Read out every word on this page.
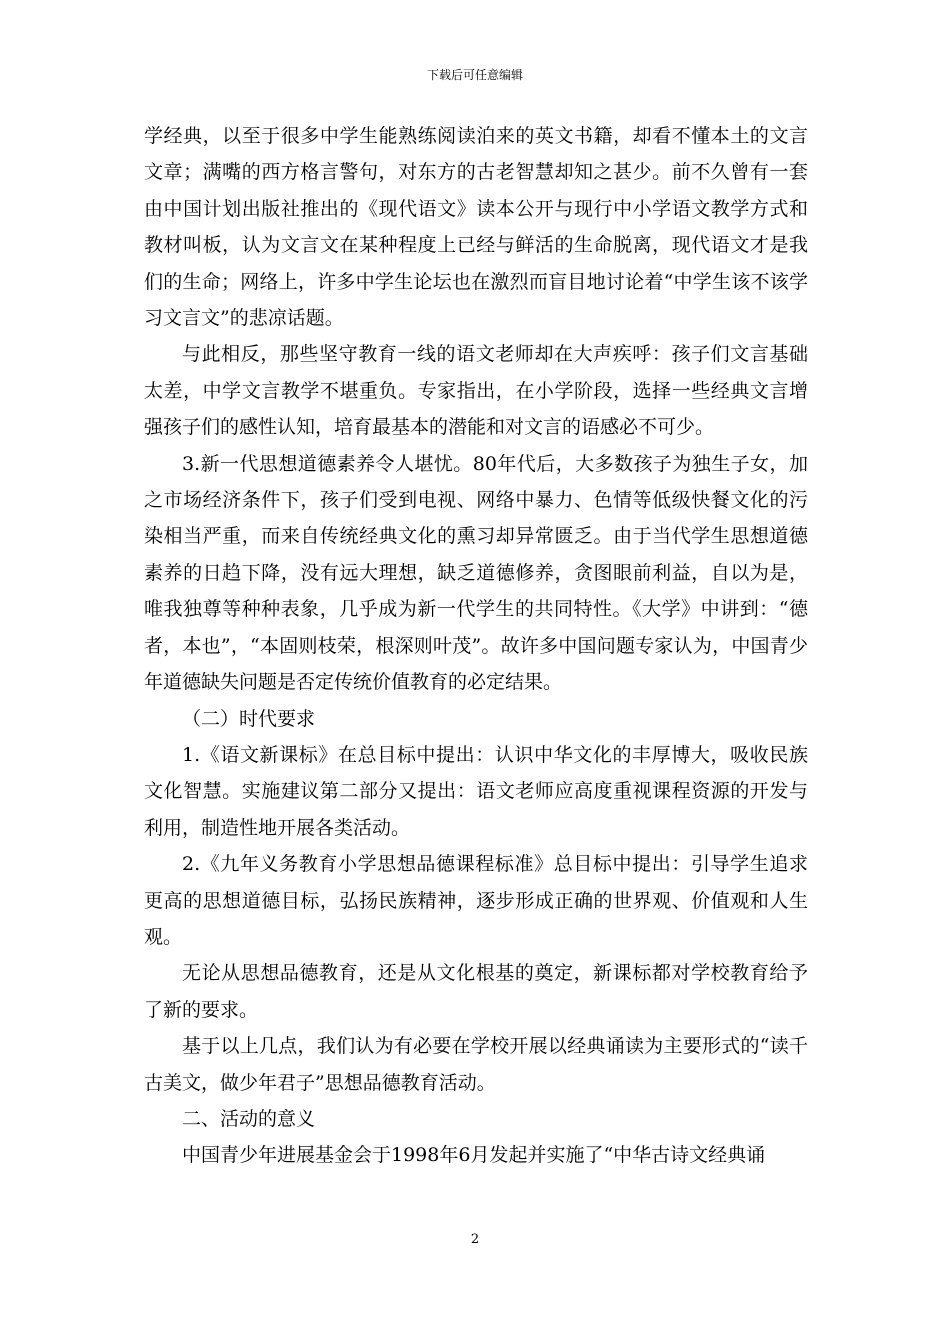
下载后可任意编辑

学经典，以至于很多中学生能熟练阅读泊来的英文书籍，却看不懂本土的文言文章；满嘴的西方格言警句，对东方的古老智慧却知之甚少。前不久曾有一套由中国计划出版社推出的《现代语文》读本公开与现行中小学语文教学方式和教材叫板，认为文言文在某种程度上已经与鲜活的生命脱离，现代语文才是我们的生命；网络上，许多中学生论坛也在激烈而盲目地讨论着“中学生该不该学习文言文”的悲凉话题。

与此相反，那些坚守教育一线的语文老师却在大声疾呼：孩子们文言基础太差，中学文言教学不堪重负。专家指出，在小学阶段，选择一些经典文言增强孩子们的感性认知，培育最基本的潜能和对文言的语感必不可少。

3.新一代思想道德素养令人堪忧。80年代后，大多数孩子为独生子女，加之市场经济条件下，孩子们受到电视、网络中暴力、色情等低级快餐文化的污染相当严重，而来自传统经典文化的熏习却异常匮乏。由于当代学生思想道德素养的日趋下降，没有远大理想，缺乏道德修养，贪图眼前利益，自以为是，唯我独尊等种种表象，几乎成为新一代学生的共同特性。《大学》中讲到：“德者，本也”，“本固则枝荣，根深则叶茂”。故许多中国问题专家认为，中国青少年道德缺失问题是否定传统价值教育的必定结果。

（二）时代要求

1.《语文新课标》在总目标中提出：认识中华文化的丰厚博大，吸收民族文化智慧。实施建议第二部分又提出：语文老师应高度重视课程资源的开发与利用，制造性地开展各类活动。

2.《九年义务教育小学思想品德课程标准》总目标中提出：引导学生追求更高的思想道德目标，弘扬民族精神，逐步形成正确的世界观、价值观和人生观。

无论从思想品德教育，还是从文化根基的奠定，新课标都对学校教育给予了新的要求。

基于以上几点，我们认为有必要在学校开展以经典诵读为主要形式的“读千古美文，做少年君子”思想品德教育活动。

二、活动的意义

中国青少年进展基金会于1998年6月发起并实施了“中华古诗文经典诵

2
